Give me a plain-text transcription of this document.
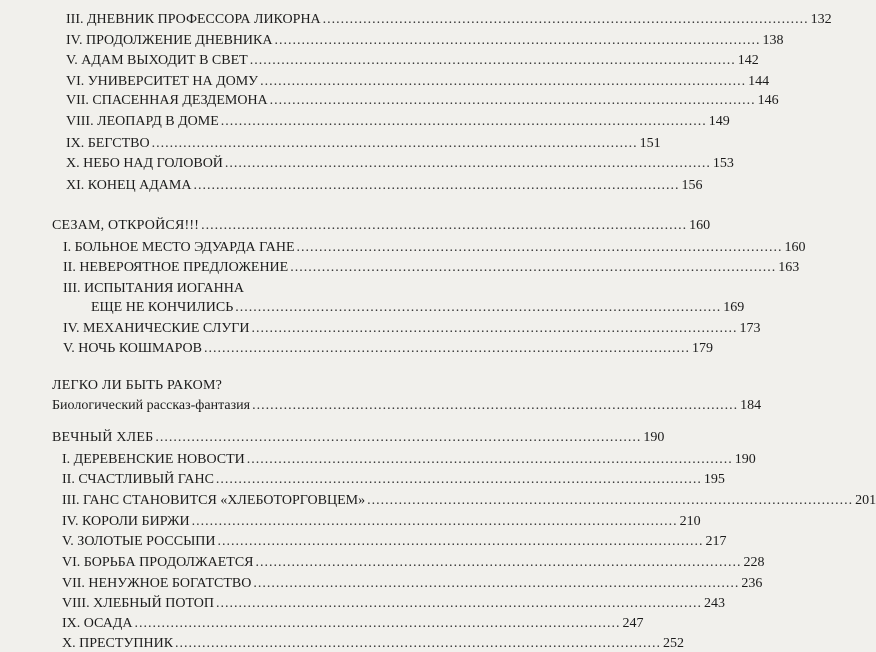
III. ДНЕВНИК ПРОФЕССОРА ЛИКОРНА ............................................................................................................ 132
IV. ПРОДОЛЖЕНИЕ ДНЕВНИКА ............................................................................................................ 138
V. АДАМ ВЫХОДИТ В СВЕТ ............................................................................................................ 142
VI. УНИВЕРСИТЕТ НА ДОМУ ............................................................................................................ 144
VII. СПАСЕННАЯ ДЕЗДЕМОНА ............................................................................................................ 146
VIII. ЛЕОПАРД В ДОМЕ ............................................................................................................ 149
IX. БЕГСТВО ............................................................................................................ 151
X. НЕБО НАД ГОЛОВОЙ ............................................................................................................ 153
XI. КОНЕЦ АДАМА ............................................................................................................ 156
СЕЗАМ, ОТКРОЙСЯ!!! ............................................................................................................ 160
I. БОЛЬНОЕ МЕСТО ЭДУАРДА ГАНЕ ............................................................................................................ 160
II. НЕВЕРОЯТНОЕ ПРЕДЛОЖЕНИЕ ............................................................................................................ 163
III. ИСПЫТАНИЯ ИОГАННА
ЕЩЕ НЕ КОНЧИЛИСЬ ............................................................................................................ 169
IV. МЕХАНИЧЕСКИЕ СЛУГИ ............................................................................................................ 173
V. НОЧЬ КОШМАРОВ ............................................................................................................ 179
ЛЕГКО ЛИ БЫТЬ РАКОМ?
Биологический рассказ-фантазия ............................................................................................................ 184
ВЕЧНЫЙ ХЛЕБ ............................................................................................................ 190
I. ДЕРЕВЕНСКИЕ НОВОСТИ ............................................................................................................ 190
II. СЧАСТЛИВЫЙ ГАНС ............................................................................................................ 195
III. ГАНС СТАНОВИТСЯ «ХЛЕБОТОРГОВЦЕМ» ............................................................................................................ 201
IV. КОРОЛИ БИРЖИ ............................................................................................................ 210
V. ЗОЛОТЫЕ РОССЫПИ ............................................................................................................ 217
VI. БОРЬБА ПРОДОЛЖАЕТСЯ ............................................................................................................ 228
VII. НЕНУЖНОЕ БОГАТСТВО ............................................................................................................ 236
VIII. ХЛЕБНЫЙ ПОТОП ............................................................................................................ 243
IX. ОСАДА ............................................................................................................ 247
X. ПРЕСТУПНИК ............................................................................................................ 252
